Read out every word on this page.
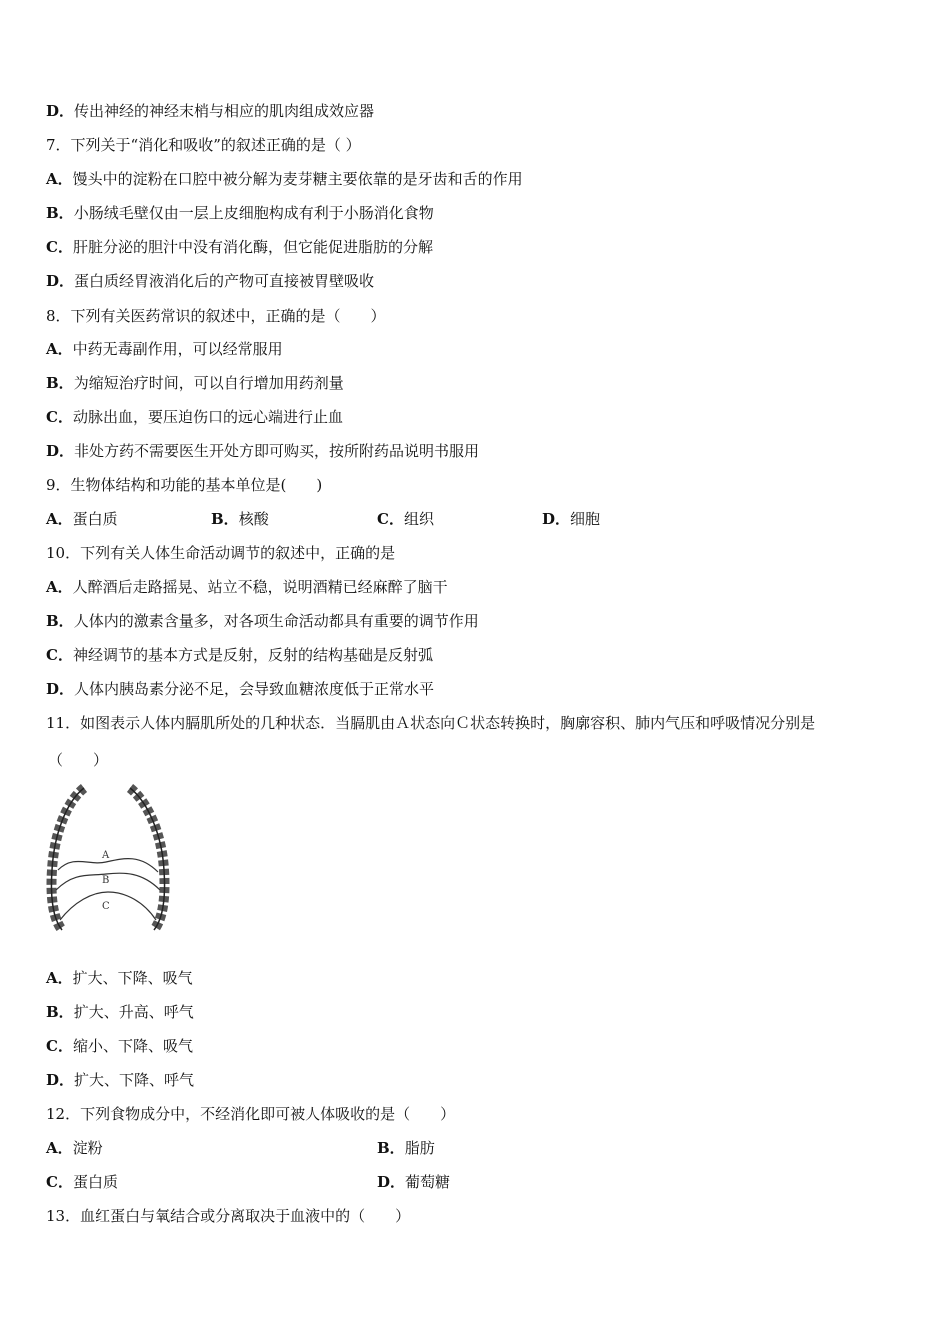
D．传出神经的神经末梢与相应的肌肉组成效应器
7．下列关于“消化和吸收”的叙述正确的是（ ）
A．馒头中的淀粉在口腔中被分解为麦芽糖主要依靠的是牙齿和舌的作用
B．小肠绒毛壁仅由一层上皮细胞构成有利于小肠消化食物
C．肝脏分泌的胆汁中没有消化酶，但它能促进脂肪的分解
D．蛋白质经胃液消化后的产物可直接被胃壁吸收
8．下列有关医药常识的叙述中，正确的是（　　）
A．中药无毒副作用，可以经常服用
B．为缩短治疗时间，可以自行增加用药剂量
C．动脉出血，要压迫伤口的远心端进行止血
D．非处方药不需要医生开处方即可购买，按所附药品说明书服用
9．生物体结构和功能的基本单位是(　　)
A．蛋白质	B．核酸	C．组织	D．细胞
10．下列有关人体生命活动调节的叙述中，正确的是
A．人醉酒后走路摇晃、站立不稳，说明酒精已经麻醉了脑干
B．人体内的激素含量多，对各项生命活动都具有重要的调节作用
C．神经调节的基本方式是反射，反射的结构基础是反射弧
D．人体内胰岛素分泌不足，会导致血糖浓度低于正常水平
11．如图表示人体内膈肌所处的几种状态．当膈肌由Ａ状态向Ｃ状态转换时，胸廓容积、肺内气压和呼吸情况分别是
（　　）
A
B
C
A．扩大、下降、吸气
B．扩大、升高、呼气
C．缩小、下降、吸气
D．扩大、下降、呼气
12．下列食物成分中，不经消化即可被人体吸收的是（　　）
A．淀粉	B．脂肪
C．蛋白质	D．葡萄糖
13．血红蛋白与氧结合或分离取决于血液中的（　　）
